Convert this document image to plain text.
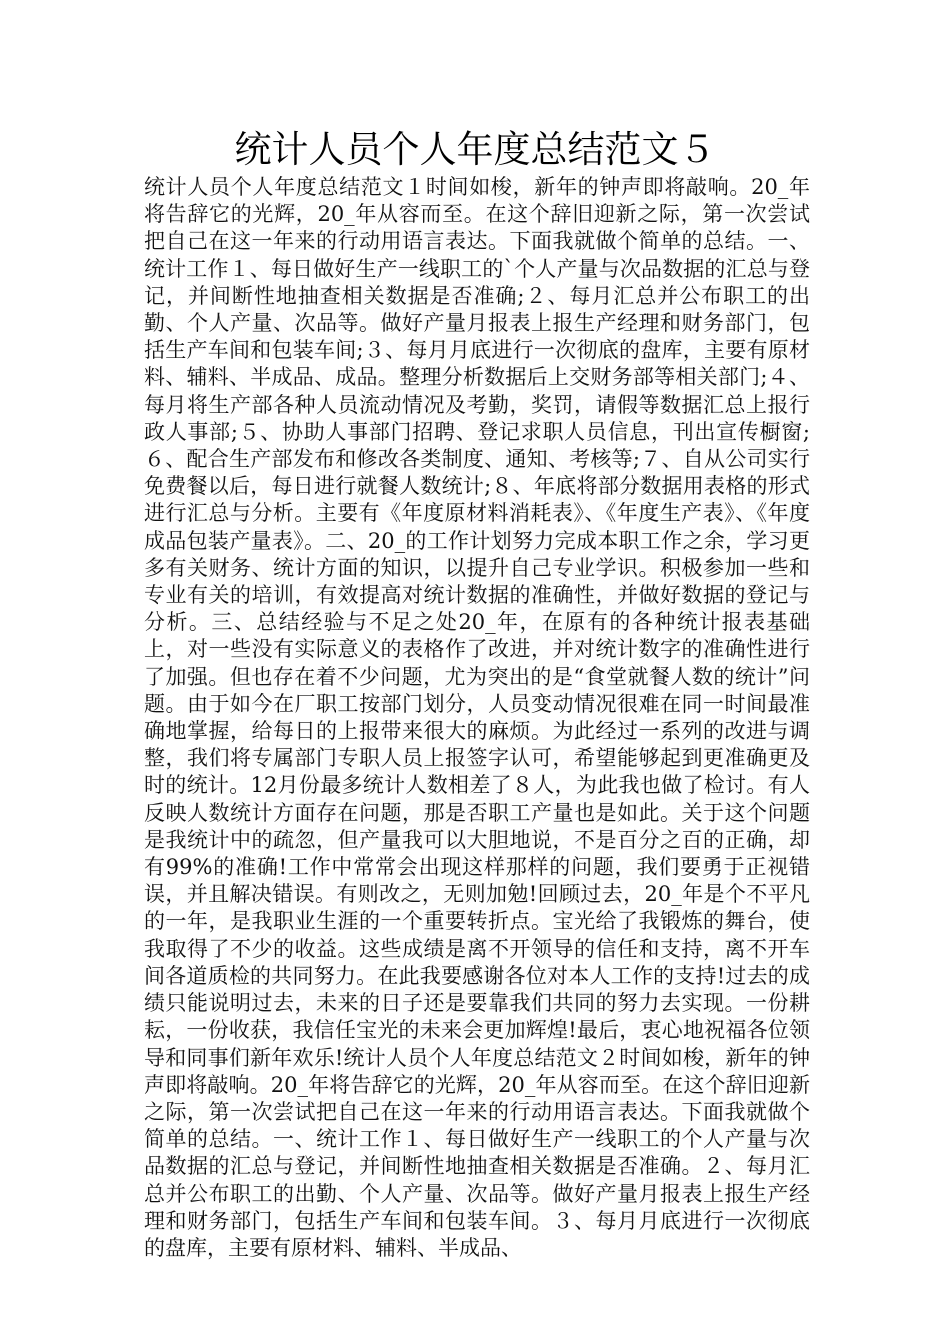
统计人员个人年度总结范文５

统计人员个人年度总结范文１时间如梭，新年的钟声即将敲响。20_年将告辞它的光辉，20_年从容而至。在这个辞旧迎新之际，第一次尝试把自己在这一年来的行动用语言表达。下面我就做个简单的总结。一、统计工作１、每日做好生产一线职工的`个人产量与次品数据的汇总与登记，并间断性地抽查相关数据是否准确;２、每月汇总并公布职工的出勤、个人产量、次品等。做好产量月报表上报生产经理和财务部门，包括生产车间和包装车间;３、每月月底进行一次彻底的盘库，主要有原材料、辅料、半成品、成品。整理分析数据后上交财务部等相关部门;４、每月将生产部各种人员流动情况及考勤，奖罚，请假等数据汇总上报行政人事部;５、协助人事部门招聘、登记求职人员信息，刊出宣传橱窗;６、配合生产部发布和修改各类制度、通知、考核等;７、自从公司实行免费餐以后，每日进行就餐人数统计;８、年底将部分数据用表格的形式进行汇总与分析。主要有《年度原材料消耗表》、《年度生产表》、《年度成品包装产量表》。二、20_的工作计划努力完成本职工作之余，学习更多有关财务、统计方面的知识，以提升自己专业学识。积极参加一些和专业有关的培训，有效提高对统计数据的准确性，并做好数据的登记与分析。三、总结经验与不足之处20_年，在原有的各种统计报表基础上，对一些没有实际意义的表格作了改进，并对统计数字的准确性进行了加强。但也存在着不少问题，尤为突出的是“食堂就餐人数的统计”问题。由于如今在厂职工按部门划分，人员变动情况很难在同一时间最准确地掌握，给每日的上报带来很大的麻烦。为此经过一系列的改进与调整，我们将专属部门专职人员上报签字认可，希望能够起到更准确更及时的统计。12月份最多统计人数相差了８人，为此我也做了检讨。有人反映人数统计方面存在问题，那是否职工产量也是如此。关于这个问题是我统计中的疏忽，但产量我可以大胆地说，不是百分之百的正确，却有99%的准确!工作中常常会出现这样那样的问题，我们要勇于正视错误，并且解决错误。有则改之，无则加勉!回顾过去，20_年是个不平凡的一年，是我职业生涯的一个重要转折点。宝光给了我锻炼的舞台，使我取得了不少的收益。这些成绩是离不开领导的信任和支持，离不开车间各道质检的共同努力。在此我要感谢各位对本人工作的支持!过去的成绩只能说明过去，未来的日子还是要靠我们共同的努力去实现。一份耕耘，一份收获，我信任宝光的未来会更加辉煌!最后，衷心地祝福各位领导和同事们新年欢乐!统计人员个人年度总结范文２时间如梭，新年的钟声即将敲响。20_年将告辞它的光辉，20_年从容而至。在这个辞旧迎新之际，第一次尝试把自己在这一年来的行动用语言表达。下面我就做个简单的总结。一、统计工作１、每日做好生产一线职工的个人产量与次品数据的汇总与登记，并间断性地抽查相关数据是否准确。２、每月汇总并公布职工的出勤、个人产量、次品等。做好产量月报表上报生产经理和财务部门，包括生产车间和包装车间。３、每月月底进行一次彻底的盘库，主要有原材料、辅料、半成品、
